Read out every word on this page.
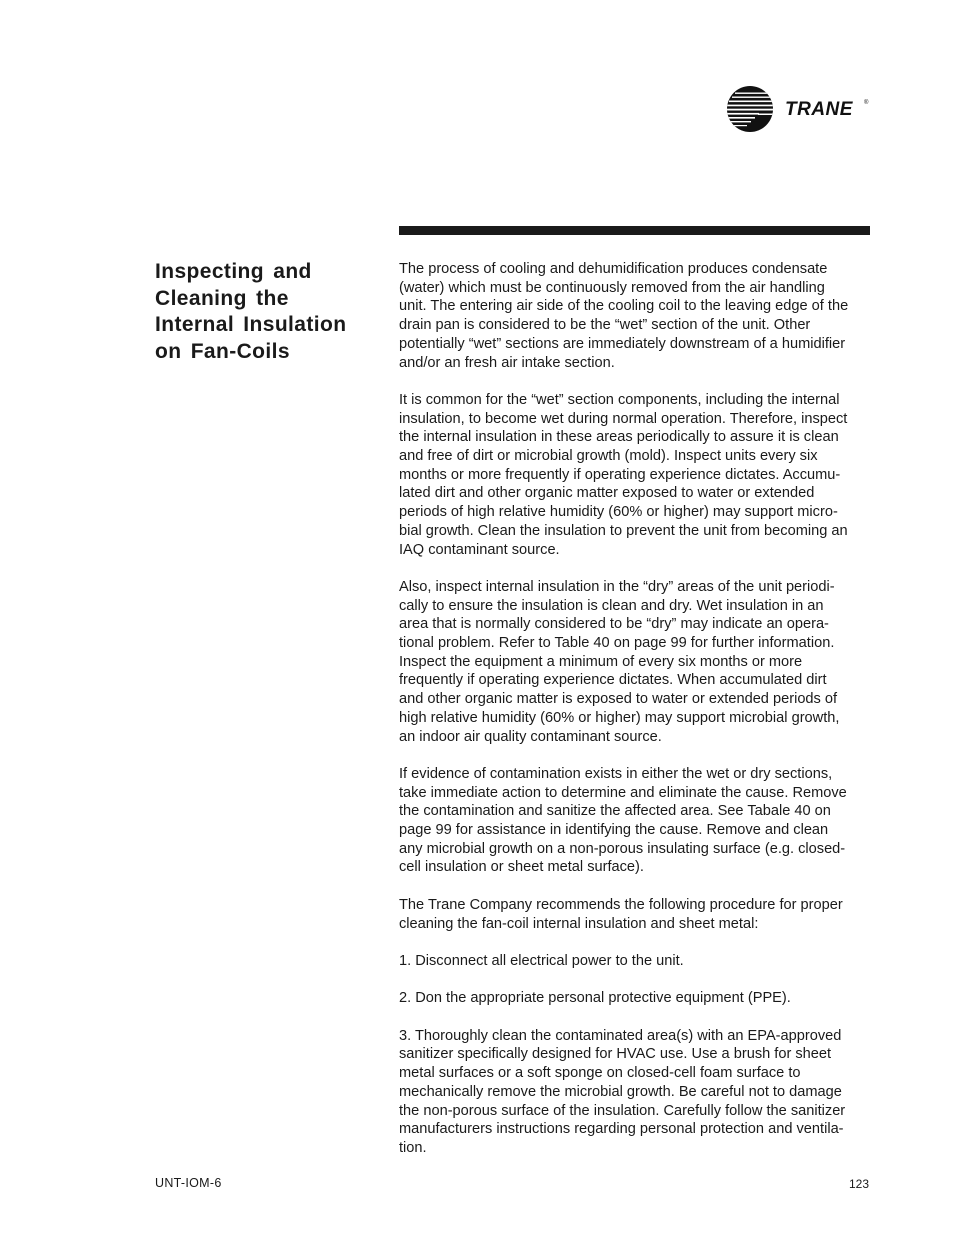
TRANE ®
Inspecting and
Cleaning the
Internal Insulation
on Fan-Coils

The process of cooling and dehumidification produces condensate
(water) which must be continuously removed from the air handling
unit. The entering air side of the cooling coil to the leaving edge of the
drain pan is considered to be the “wet” section of the unit. Other
potentially “wet” sections are immediately downstream of a humidifier
and/or an fresh air intake section.

It is common for the “wet” section components, including the internal
insulation, to become wet during normal operation. Therefore, inspect
the internal insulation in these areas periodically to assure it is clean
and free of dirt or microbial growth (mold). Inspect units every six
months or more frequently if operating experience dictates. Accumu-
lated dirt and other organic matter exposed to water or extended
periods of high relative humidity (60% or higher) may support micro-
bial growth. Clean the insulation to prevent the unit from becoming an
IAQ contaminant source.

Also, inspect internal insulation in the “dry” areas of the unit periodi-
cally to ensure the insulation is clean and dry. Wet insulation in an
area that is normally considered to be “dry” may indicate an opera-
tional problem. Refer to Table 40 on page 99 for further information.
Inspect the equipment a minimum of every six months or more
frequently if operating experience dictates. When accumulated dirt
and other organic matter is exposed to water or extended periods of
high relative humidity (60% or higher) may support microbial growth,
an indoor air quality contaminant source.

If evidence of contamination exists in either the wet or dry sections,
take immediate action to determine and eliminate the cause. Remove
the contamination and sanitize the affected area. See Tabale 40 on
page 99 for assistance in identifying the cause. Remove and clean
any microbial growth on a non-porous insulating surface (e.g. closed-
cell insulation or sheet metal surface).

The Trane Company recommends the following procedure for proper
cleaning the fan-coil internal insulation and sheet metal:

1. Disconnect all electrical power to the unit.

2. Don the appropriate personal protective equipment (PPE).

3. Thoroughly clean the contaminated area(s) with an EPA-approved
sanitizer specifically designed for HVAC use. Use a brush for sheet
metal surfaces or a soft sponge on closed-cell foam surface to
mechanically remove the microbial growth. Be careful not to damage
the non-porous surface of the insulation. Carefully follow the sanitizer
manufacturers instructions regarding personal protection and ventila-
tion.

UNT-IOM-6	123
